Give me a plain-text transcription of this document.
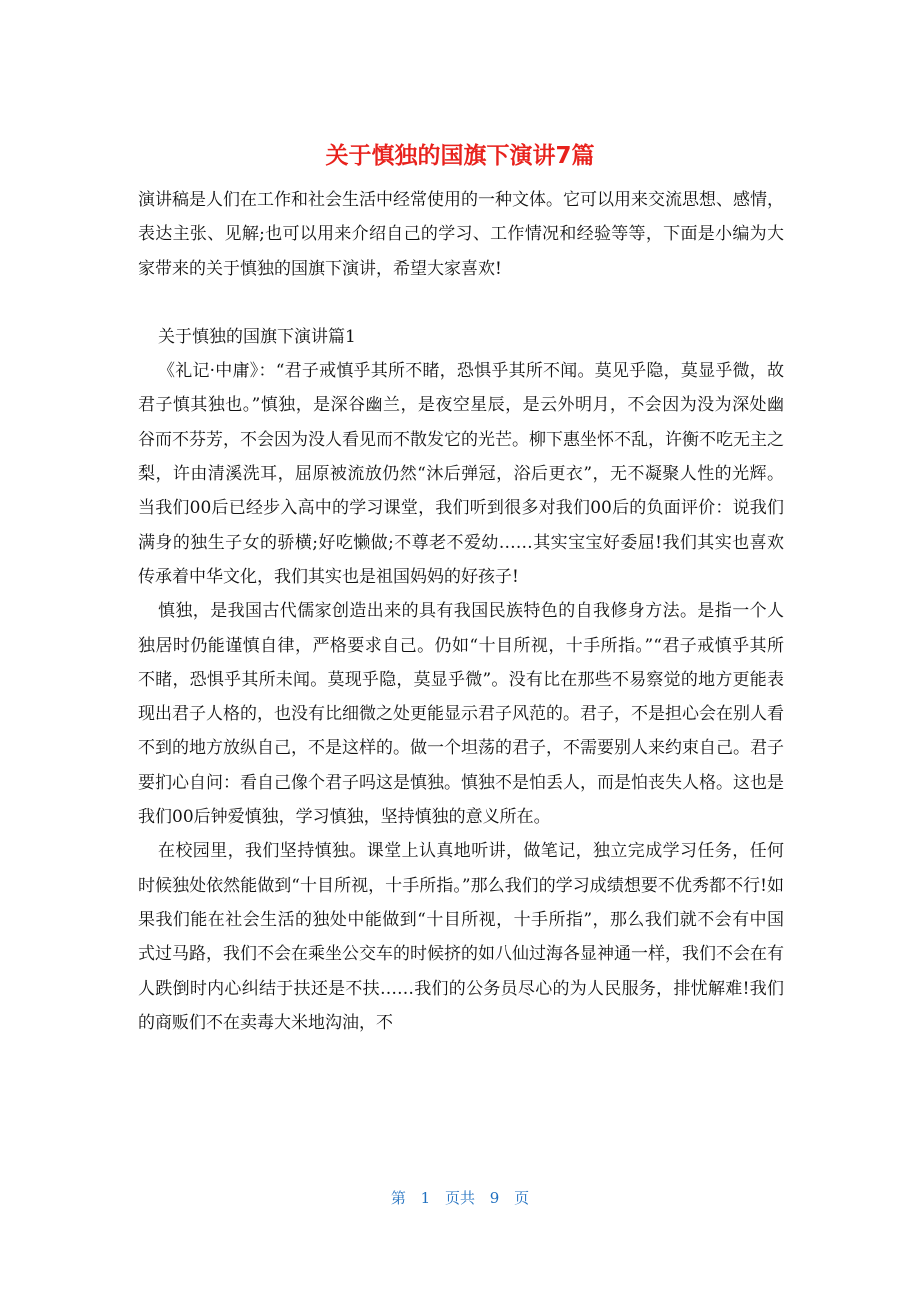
关于慎独的国旗下演讲7篇

演讲稿是人们在工作和社会生活中经常使用的一种文体。它可以用来交流思想、感情，表达主张、见解;也可以用来介绍自己的学习、工作情况和经验等等，下面是小编为大家带来的关于慎独的国旗下演讲，希望大家喜欢!

关于慎独的国旗下演讲篇1

《礼记·中庸》：“君子戒慎乎其所不睹，恐惧乎其所不闻。莫见乎隐，莫显乎微，故君子慎其独也。”慎独，是深谷幽兰，是夜空星辰，是云外明月，不会因为没为深处幽谷而不芬芳，不会因为没人看见而不散发它的光芒。柳下惠坐怀不乱，许衡不吃无主之梨，许由清溪洗耳，屈原被流放仍然“沐后弹冠，浴后更衣”，无不凝聚人性的光辉。当我们00后已经步入高中的学习课堂，我们听到很多对我们00后的负面评价：说我们满身的独生子女的骄横;好吃懒做;不尊老不爱幼……其实宝宝好委屈!我们其实也喜欢传承着中华文化，我们其实也是祖国妈妈的好孩子!

慎独，是我国古代儒家创造出来的具有我国民族特色的自我修身方法。是指一个人独居时仍能谨慎自律，严格要求自己。仍如“十目所视，十手所指。”“君子戒慎乎其所不睹，恐惧乎其所未闻。莫现乎隐，莫显乎微”。没有比在那些不易察觉的地方更能表现出君子人格的，也没有比细微之处更能显示君子风范的。君子，不是担心会在别人看不到的地方放纵自己，不是这样的。做一个坦荡的君子，不需要别人来约束自己。君子要扪心自问：看自己像个君子吗这是慎独。慎独不是怕丢人，而是怕丧失人格。这也是我们00后钟爱慎独，学习慎独，坚持慎独的意义所在。

在校园里，我们坚持慎独。课堂上认真地听讲，做笔记，独立完成学习任务，任何时候独处依然能做到“十目所视，十手所指。”那么我们的学习成绩想要不优秀都不行!如果我们能在社会生活的独处中能做到“十目所视，十手所指”，那么我们就不会有中国式过马路，我们不会在乘坐公交车的时候挤的如八仙过海各显神通一样，我们不会在有人跌倒时内心纠结于扶还是不扶……我们的公务员尽心的为人民服务，排忧解难!我们的商贩们不在卖毒大米地沟油，不

第 1 页共 9 页
